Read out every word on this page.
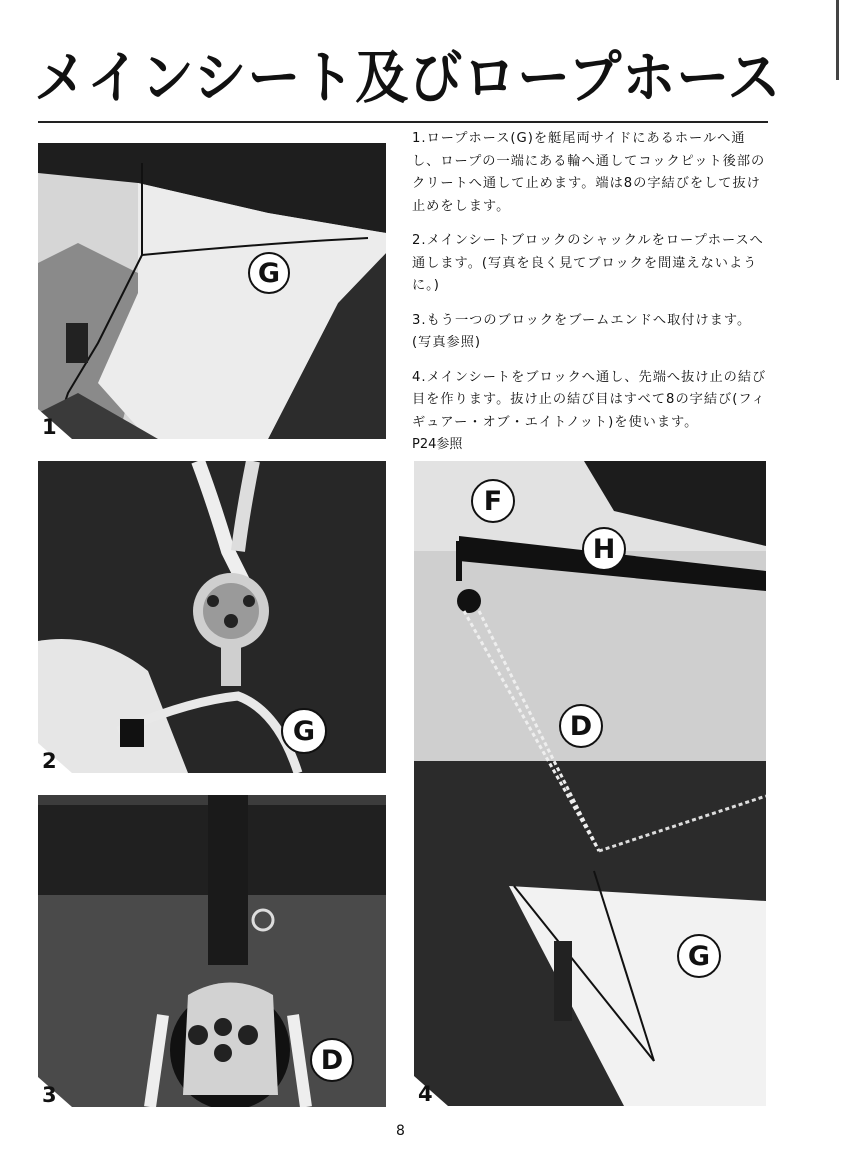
メインシート及びロープホース
G
1
G
2
D
3
F
H
D
G
4

1.ロープホース(G)を艇尾両サイドにあるホールへ通し、ロープの一端にある輪へ通してコックピット後部のクリートへ通して止めます。端は8の字結びをして抜け止めをします。

2.メインシートブロックのシャックルをロープホースへ通します。(写真を良く見てブロックを間違えないように。)

3.もう一つのブロックをブームエンドへ取付けます。(写真参照)

4.メインシートをブロックへ通し、先端へ抜け止の結び目を作ります。抜け止の結び目はすべて8の字結び(フィギュアー・オブ・エイトノット)を使います。

P24参照
8
